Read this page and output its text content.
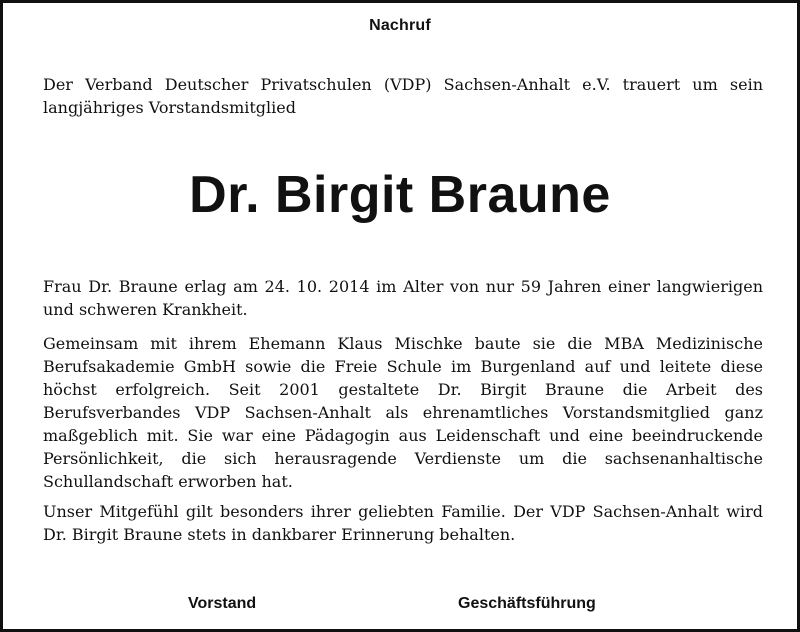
Nachruf
Der Verband Deutscher Privatschulen (VDP) Sachsen-Anhalt e.V. trauert um sein langjähriges Vorstandsmitglied
Dr. Birgit Braune
Frau Dr. Braune erlag am 24. 10. 2014 im Alter von nur 59 Jahren einer langwierigen und schweren Krankheit.
Gemeinsam mit ihrem Ehemann Klaus Mischke baute sie die MBA Medizinische Berufsakademie GmbH sowie die Freie Schule im Burgenland auf und leitete diese höchst erfolgreich. Seit 2001 gestaltete Dr. Birgit Braune die Arbeit des Berufsverbandes VDP Sachsen-Anhalt als ehrenamtliches Vorstandsmitglied ganz maßgeblich mit. Sie war eine Pädagogin aus Leidenschaft und eine beeindruckende Persönlichkeit, die sich herausragende Verdienste um die sachsenanhaltische Schullandschaft erworben hat.
Unser Mitgefühl gilt besonders ihrer geliebten Familie. Der VDP Sachsen-Anhalt wird Dr. Birgit Braune stets in dankbarer Erinnerung behalten.
Vorstand	Geschäftsführung
